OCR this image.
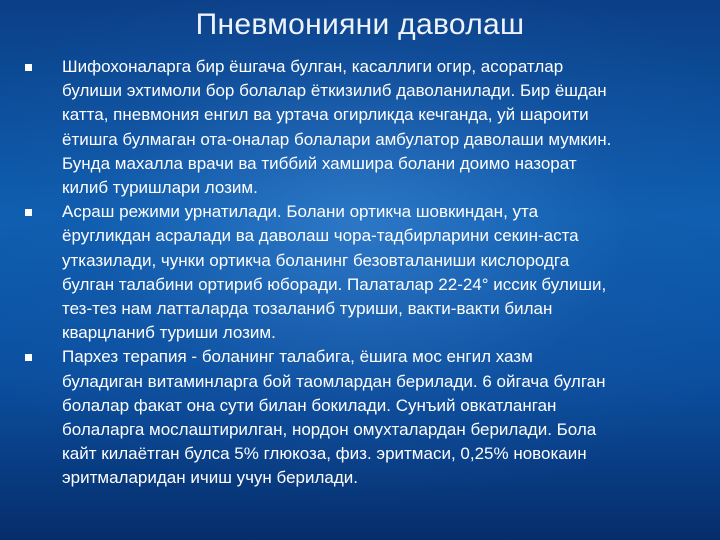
Пневмонияни даволаш
Шифохоналарга бир ёшгача булган, касаллиги огир, асоратлар
булиши эхтимоли бор болалар ёткизилиб даволанилади. Бир ёшдан
катта, пневмония енгил ва уртача огирликда кечганда, уй шароити
ётишга булмаган ота-оналар болалари амбулатор даволаши мумкин.
Бунда махалла врачи ва тиббий хамшира болани доимо назорат
килиб туришлари лозим.
Асраш режими урнатилади. Болани ортикча шовкиндан, ута
ёругликдан асралади ва даволаш чора-тадбирларини секин-аста
утказилади, чунки ортикча боланинг безовталаниши кислородга
булган талабини ортириб юборади. Палаталар 22-24° иссик булиши,
тез-тез нам латталарда тозаланиб туриши, вакти-вакти билан
кварцланиб туриши лозим.
Пархез терапия - боланинг талабига, ёшига мос енгил хазм
буладиган витаминларга бой таомлардан берилади. 6 ойгача булган
болалар факат она сути билан бокилади. Сунъий овкатланган
болаларга мослаштирилган, нордон омухталардан берилади. Бола
кайт килаётган булса 5% глюкоза, физ. эритмаси, 0,25% новокаин
эритмаларидан ичиш учун берилади.
